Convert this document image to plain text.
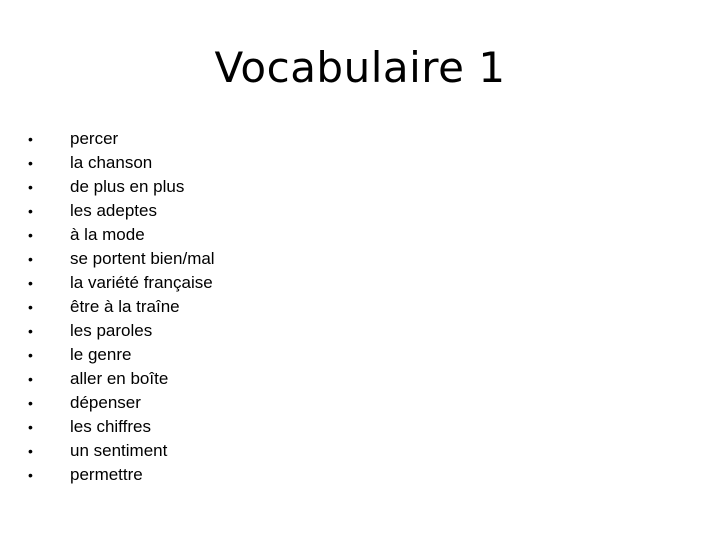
Vocabulaire 1
• percer
• la chanson
• de plus en plus
• les adeptes
• à la mode
• se portent bien/mal
• la variété française
• être à la traîne
• les paroles
• le genre
• aller en boîte
• dépenser
• les chiffres
• un sentiment
• permettre
